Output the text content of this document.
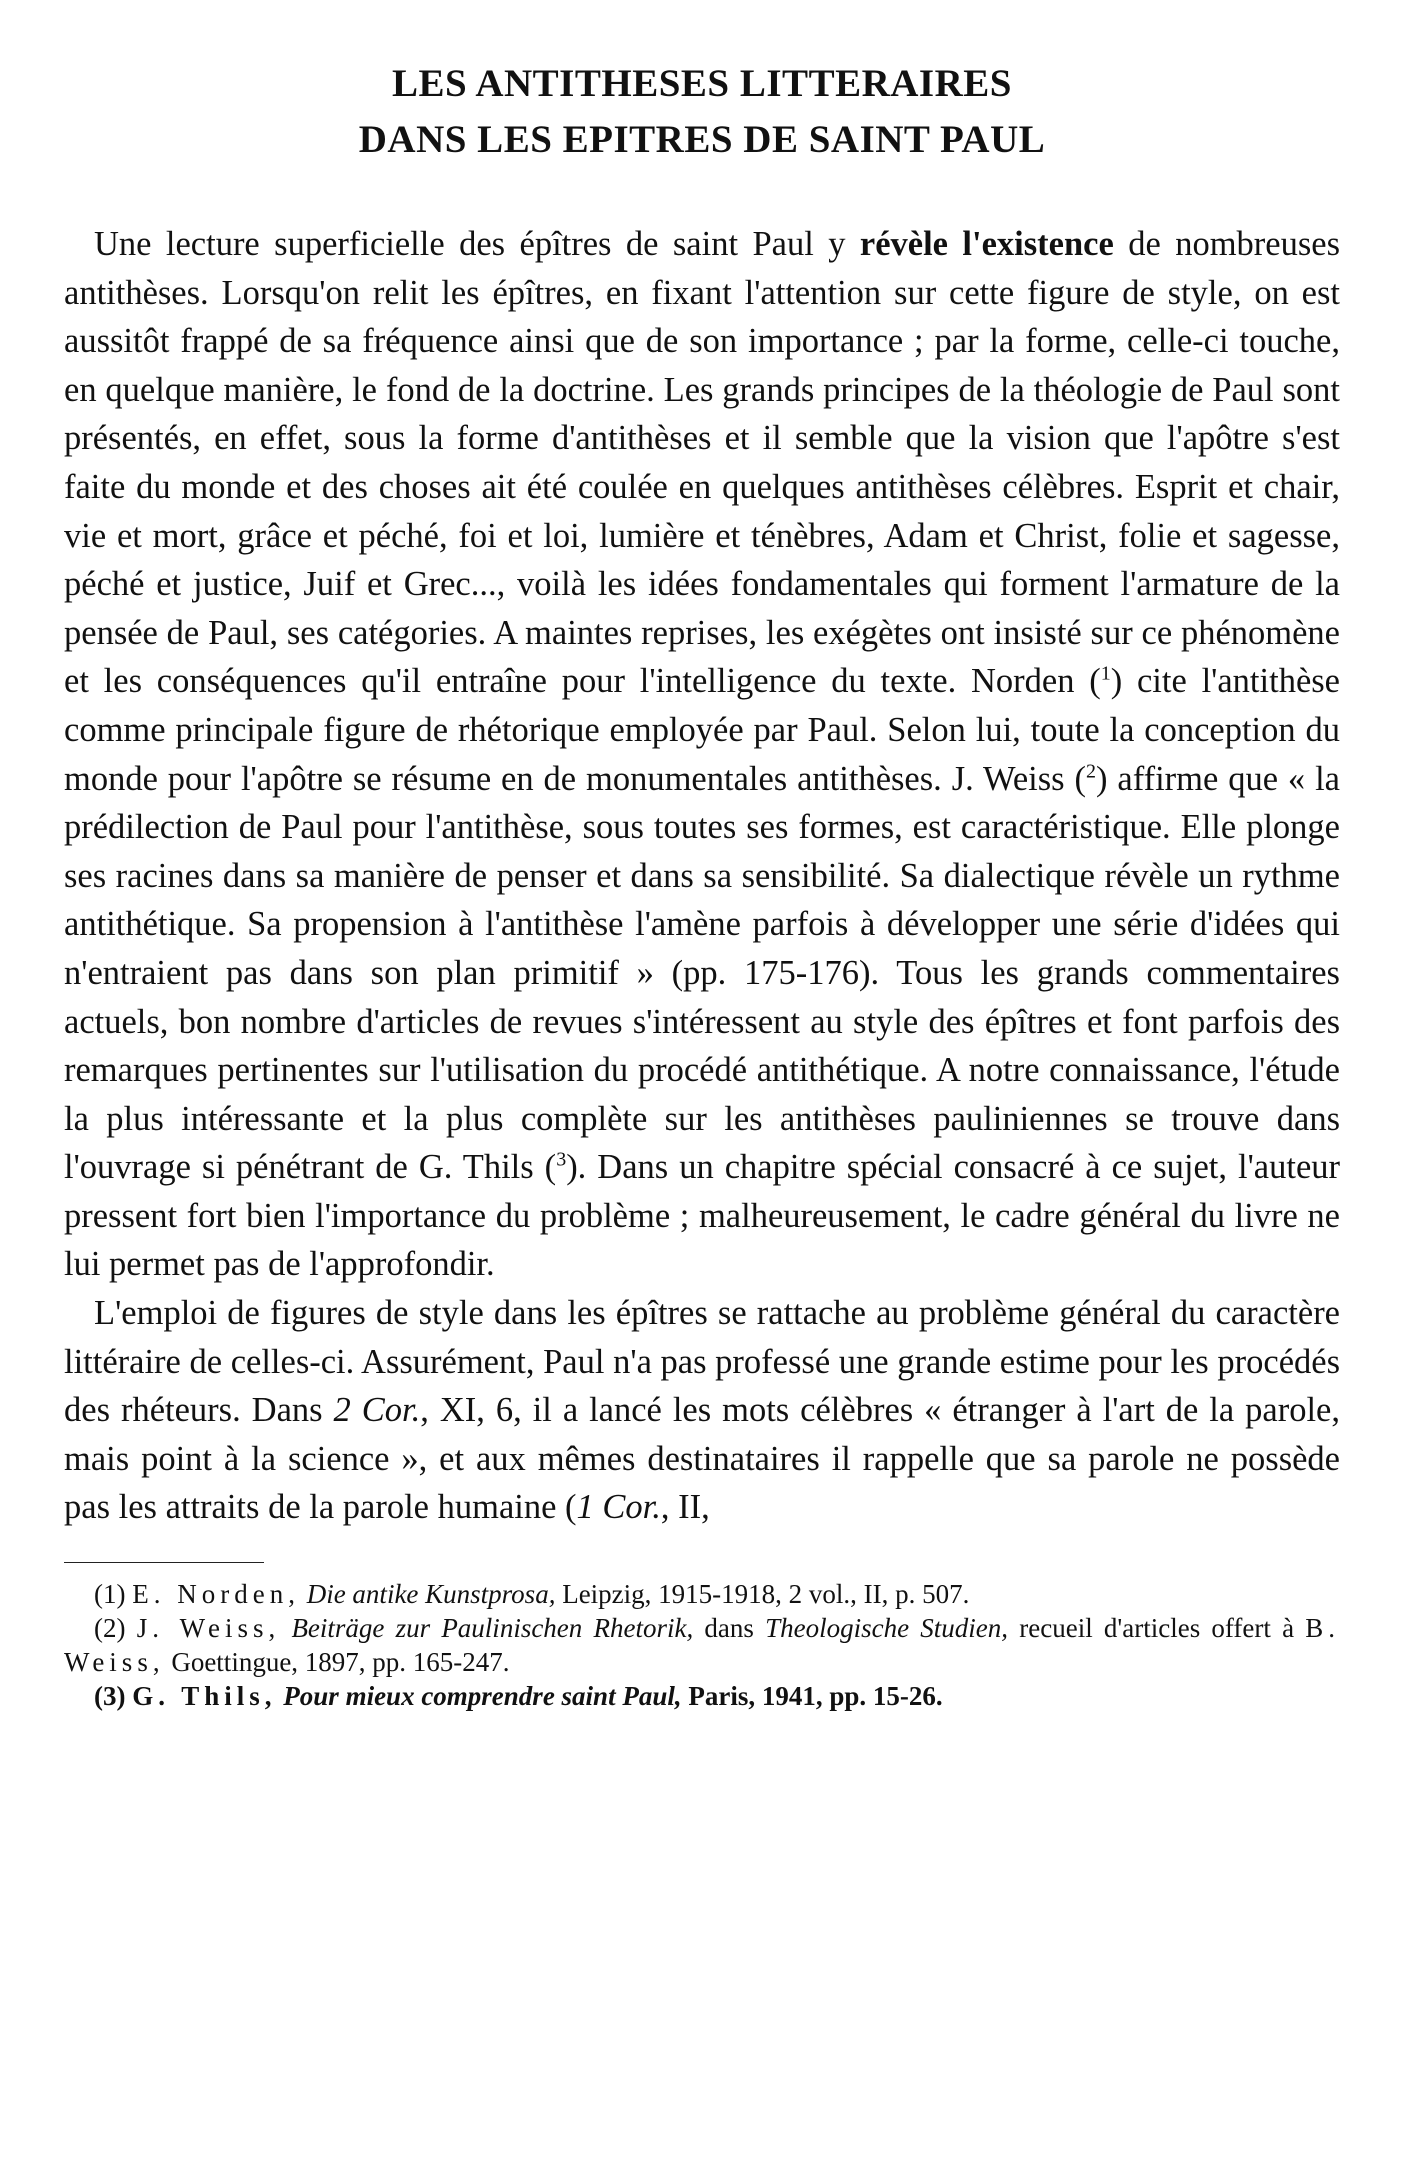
LES ANTITHESES LITTERAIRES
DANS LES EPITRES DE SAINT PAUL

Une lecture superficielle des épîtres de saint Paul y révèle l'existence de nombreuses antithèses. Lorsqu'on relit les épîtres, en fixant l'attention sur cette figure de style, on est aussitôt frappé de sa fréquence ainsi que de son importance ; par la forme, celle-ci touche, en quelque manière, le fond de la doctrine. Les grands principes de la théologie de Paul sont présentés, en effet, sous la forme d'antithèses et il semble que la vision que l'apôtre s'est faite du monde et des choses ait été coulée en quelques antithèses célèbres. Esprit et chair, vie et mort, grâce et péché, foi et loi, lumière et ténèbres, Adam et Christ, folie et sagesse, péché et justice, Juif et Grec..., voilà les idées fondamentales qui forment l'armature de la pensée de Paul, ses catégories. A maintes reprises, les exégètes ont insisté sur ce phénomène et les conséquences qu'il entraîne pour l'intelligence du texte. Norden ($^1$) cite l'antithèse comme principale figure de rhétorique employée par Paul. Selon lui, toute la conception du monde pour l'apôtre se résume en de monumentales antithèses. J. Weiss ($^2$) affirme que « la prédilection de Paul pour l'antithèse, sous toutes ses formes, est caractéristique. Elle plonge ses racines dans sa manière de penser et dans sa sensibilité. Sa dialectique révèle un rythme antithétique. Sa propension à l'antithèse l'amène parfois à développer une série d'idées qui n'entraient pas dans son plan primitif » (pp. 175-176). Tous les grands commentaires actuels, bon nombre d'articles de revues s'intéressent au style des épîtres et font parfois des remarques pertinentes sur l'utilisation du procédé antithétique. A notre connaissance, l'étude la plus intéressante et la plus complète sur les antithèses pauliniennes se trouve dans l'ouvrage si pénétrant de G. Thils ($^3$). Dans un chapitre spécial consacré à ce sujet, l'auteur pressent fort bien l'importance du problème ; malheureusement, le cadre général du livre ne lui permet pas de l'approfondir.

L'emploi de figures de style dans les épîtres se rattache au problème général du caractère littéraire de celles-ci. Assurément, Paul n'a pas professé une grande estime pour les procédés des rhéteurs. Dans 2 Cor., XI, 6, il a lancé les mots célèbres « étranger à l'art de la parole, mais point à la science », et aux mêmes destinataires il rappelle que sa parole ne possède pas les attraits de la parole humaine (1 Cor., II,

(1) E. Norden, Die antike Kunstprosa, Leipzig, 1915-1918, 2 vol., II, p. 507.

(2) J. Weiss, Beiträge zur Paulinischen Rhetorik, dans Theologische Studien, recueil d'articles offert à B. Weiss, Goettingue, 1897, pp. 165-247.

(3) G. Thils, Pour mieux comprendre saint Paul, Paris, 1941, pp. 15-26.
